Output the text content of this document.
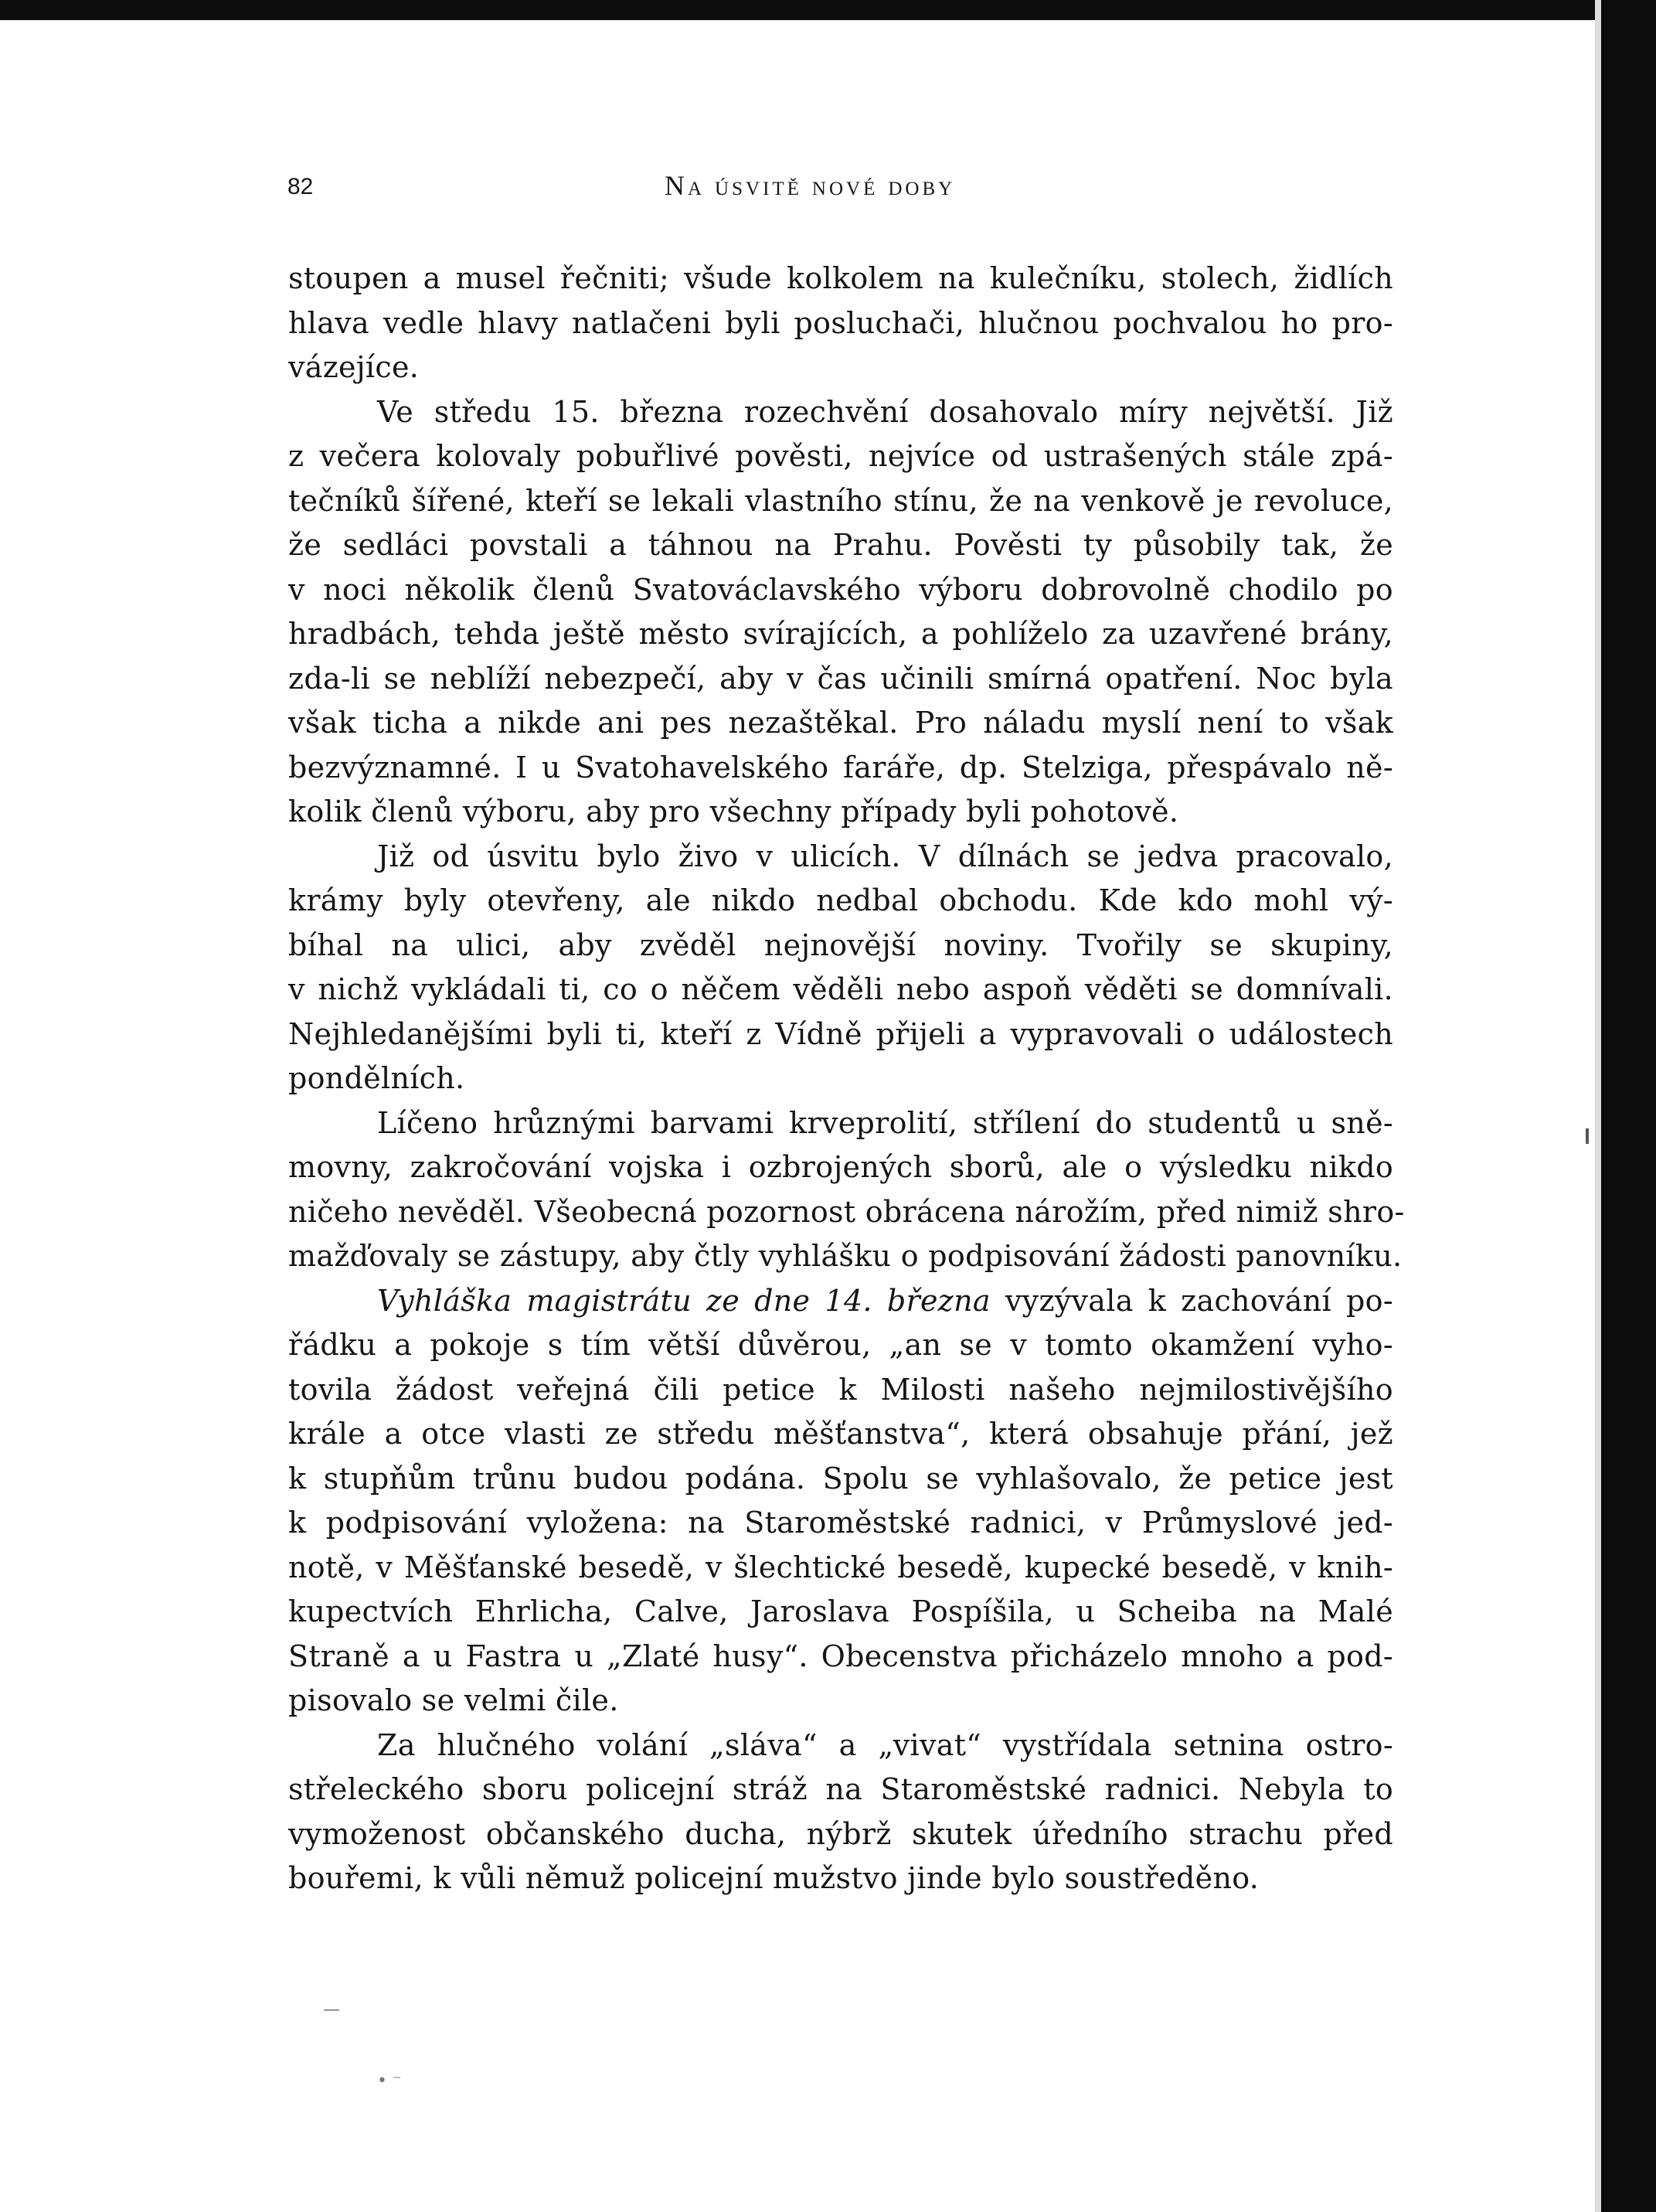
82	Na úsvitě nové doby
stoupen a musel řečniti; všude kolkolem na kulečníku, stolech, židlích
hlava vedle hlavy natlačeni byli posluchači, hlučnou pochvalou ho pro-
vázejíce.
Ve středu 15. března rozechvění dosahovalo míry největší. Již
z večera kolovaly pobuřlivé pověsti, nejvíce od ustrašených stále zpá-
tečníků šířené, kteří se lekali vlastního stínu, že na venkově je revoluce,
že sedláci povstali a táhnou na Prahu. Pověsti ty působily tak, že
v noci několik členů Svatováclavského výboru dobrovolně chodilo po
hradbách, tehda ještě město svírajících, a pohlíželo za uzavřené brány,
zda-li se neblíží nebezpečí, aby v čas učinili smírná opatření. Noc byla
však ticha a nikde ani pes nezaštěkal. Pro náladu myslí není to však
bezvýznamné. I u Svatohavelského faráře, dp. Stelziga, přespávalo ně-
kolik členů výboru, aby pro všechny případy byli pohotově.
Již od úsvitu bylo živo v ulicích. V dílnách se jedva pracovalo,
krámy byly otevřeny, ale nikdo nedbal obchodu. Kde kdo mohl vý-
bíhal na ulici, aby zvěděl nejnovější noviny. Tvořily se skupiny,
v nichž vykládali ti, co o něčem věděli nebo aspoň věděti se domnívali.
Nejhledanějšími byli ti, kteří z Vídně přijeli a vypravovali o událostech
pondělních.
Líčeno hrůznými barvami krveprolití, střílení do studentů u sně-
movny, zakročování vojska i ozbrojených sborů, ale o výsledku nikdo
ničeho nevěděl. Všeobecná pozornost obrácena nárožím, před nimiž shro-
mažďovaly se zástupy, aby čtly vyhlášku o podpisování žádosti panovníku.
Vyhláška magistrátu ze dne 14. března vyzývala k zachování po-
řádku a pokoje s tím větší důvěrou, „an se v tomto okamžení vyho-
tovila žádost veřejná čili petice k Milosti našeho nejmilostivějšího
krále a otce vlasti ze středu měšťanstva“, která obsahuje přání, jež
k stupňům trůnu budou podána. Spolu se vyhlašovalo, že petice jest
k podpisování vyložena: na Staroměstské radnici, v Průmyslové jed-
notě, v Měšťanské besedě, v šlechtické besedě, kupecké besedě, v knih-
kupectvích Ehrlicha, Calve, Jaroslava Pospíšila, u Scheiba na Malé
Straně a u Fastra u „Zlaté husy“. Obecenstva přicházelo mnoho a pod-
pisovalo se velmi čile.
Za hlučného volání „sláva“ a „vivat“ vystřídala setnina ostro-
střeleckého sboru policejní stráž na Staroměstské radnici. Nebyla to
vymoženost občanského ducha, nýbrž skutek úředního strachu před
bouřemi, k vůli němuž policejní mužstvo jinde bylo soustředěno.
—
• ⁻
